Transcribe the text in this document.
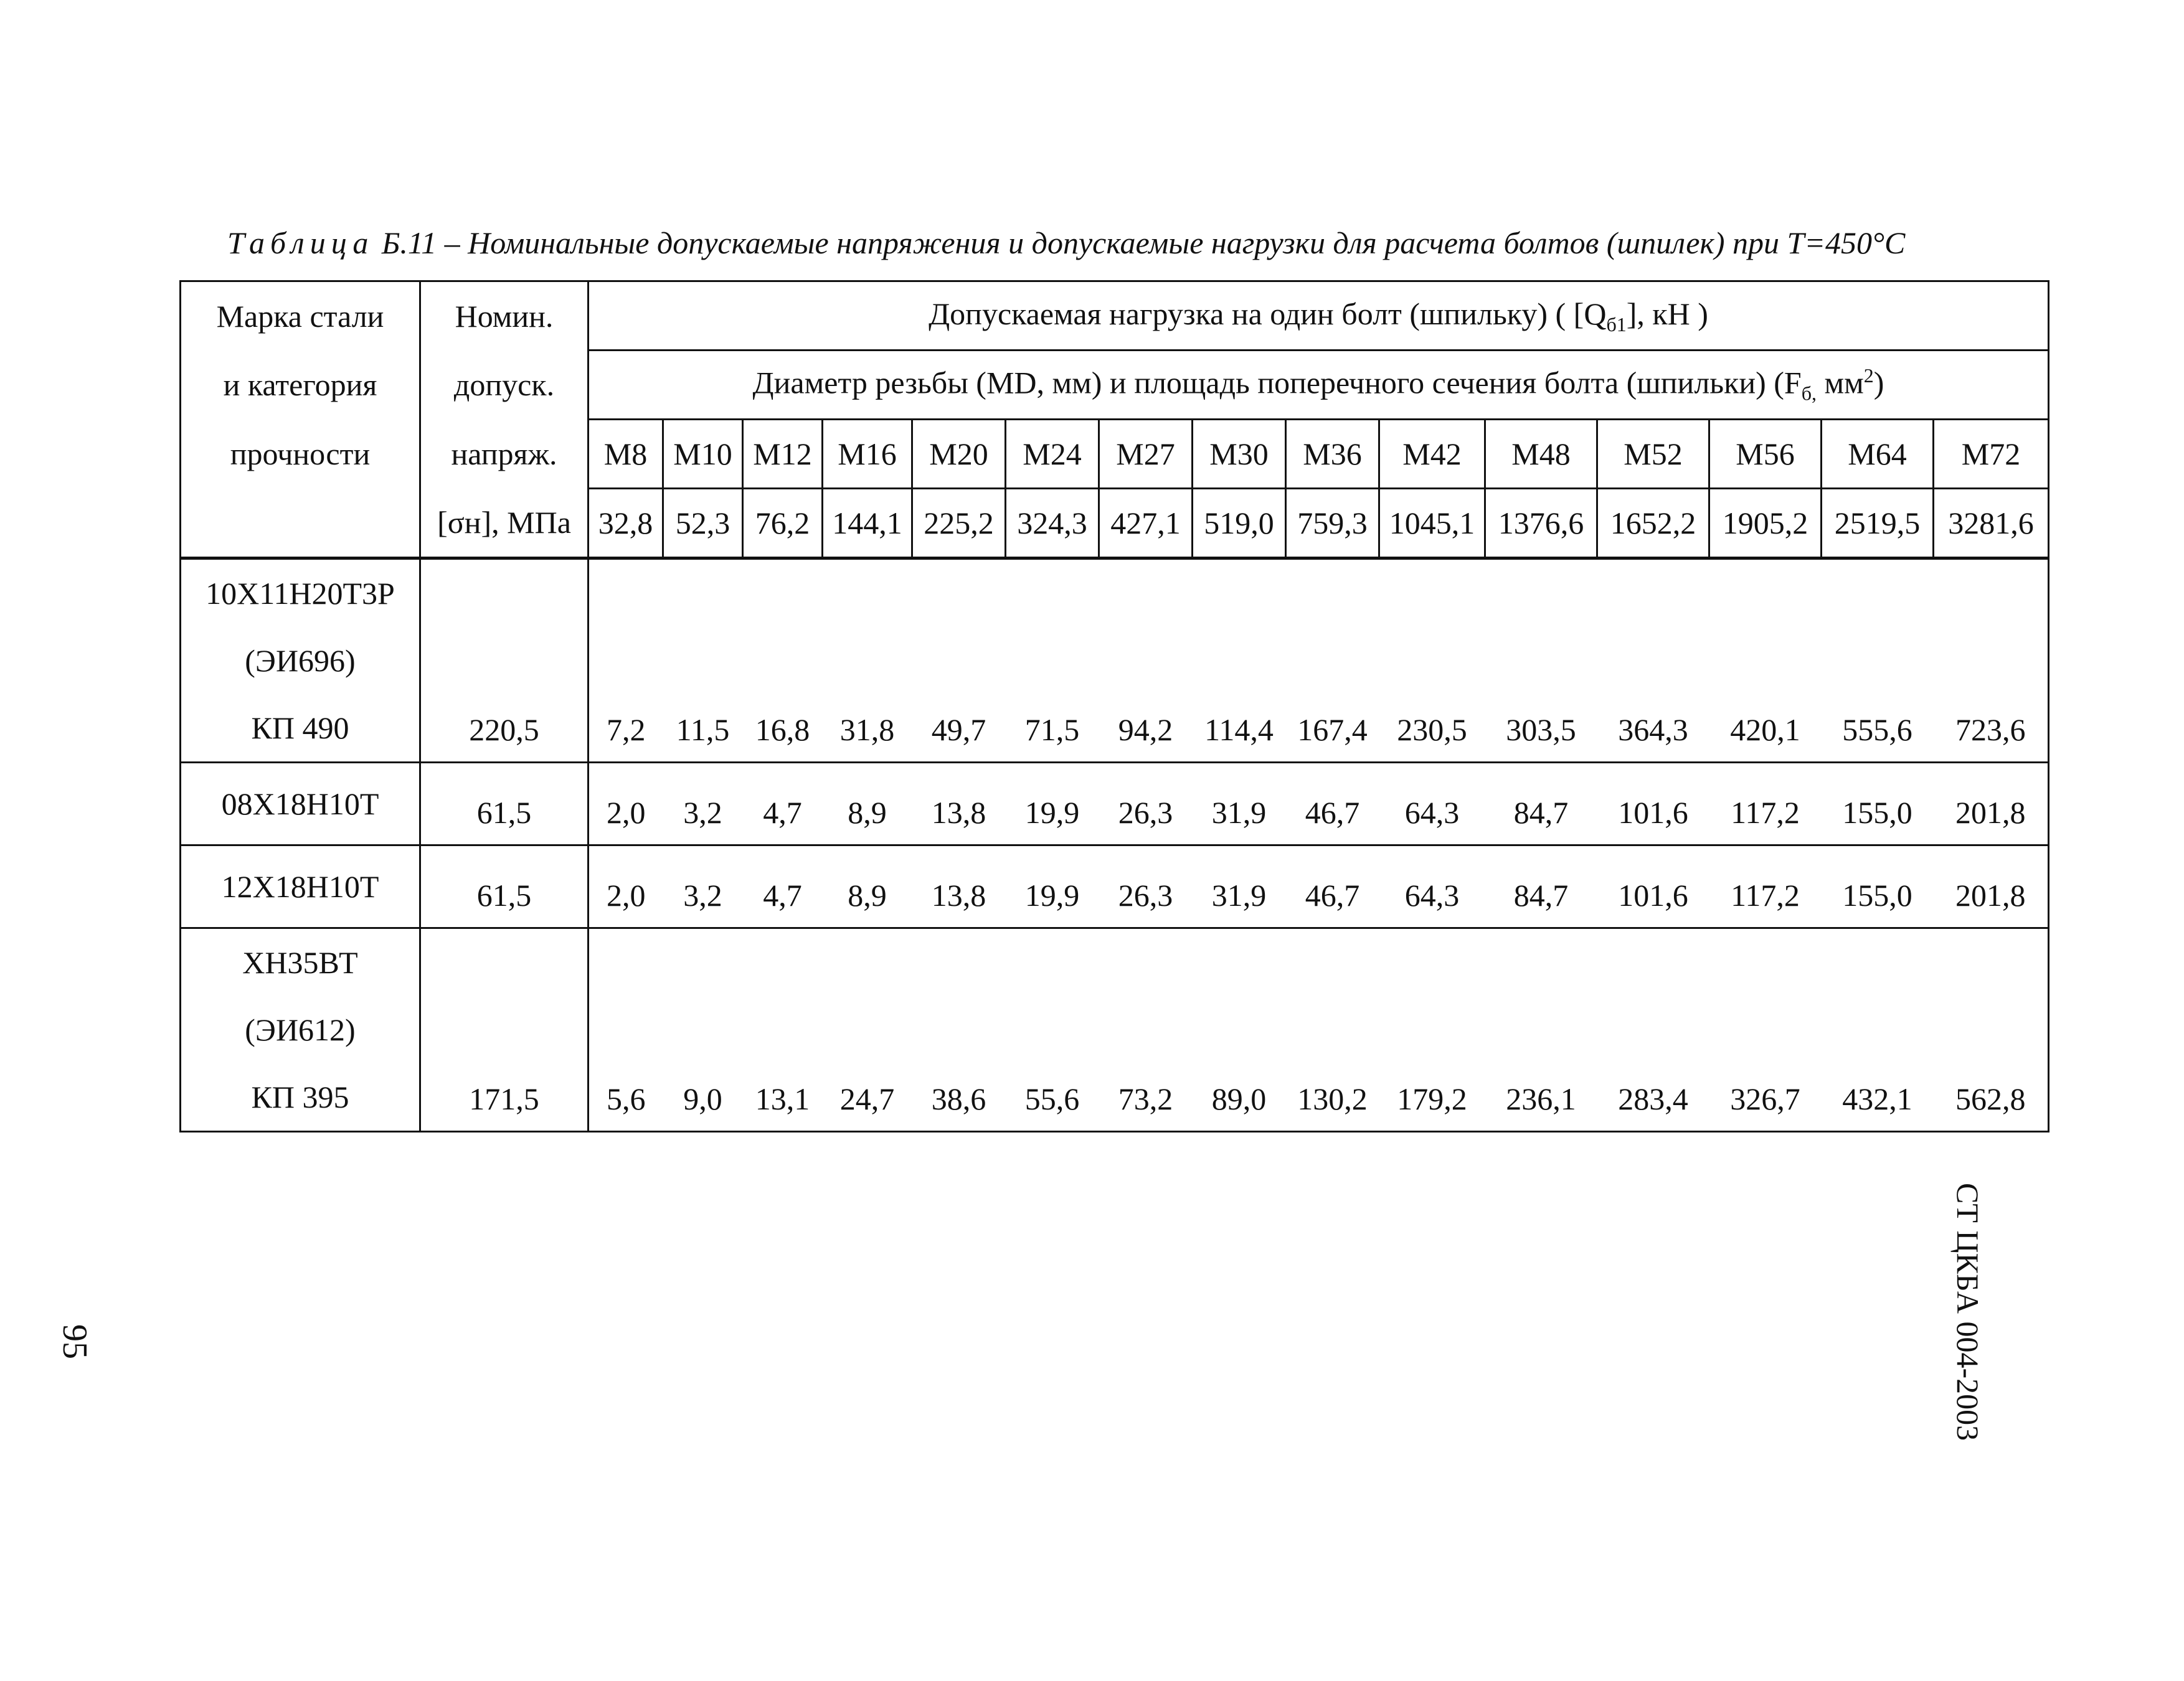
Таблица Б.11 – Номинальные допускаемые напряжения и допускаемые нагрузки для расчета болтов (шпилек) при T=450°C
Марка стали	Номин.	Допускаемая нагрузка на один болт (шпильку) ( $[Q_{б1}]$, кН )														
и категория	допуск.	Диаметр резьбы (MD, мм) и площадь поперечного сечения болта (шпильки) ($F_{б,}$ $мм^2$)														
прочности	напряж.	M8	M10	M12	M16	M20	M24	M27	M30	M36	M42	M48	M52	M56	M64	M72
	[σн], МПа	32,8	52,3	76,2	144,1	225,2	324,3	427,1	519,0	759,3	1045,1	1376,6	1652,2	1905,2	2519,5	3281,6

10Х11Н20Т3Р
(ЭИ696)
КП 490	220,5	7,2	11,5	16,8	31,8	49,7	71,5	94,2	114,4	167,4	230,5	303,5	364,3	420,1	555,6	723,6

08Х18Н10Т	61,5	2,0	3,2	4,7	8,9	13,8	19,9	26,3	31,9	46,7	64,3	84,7	101,6	117,2	155,0	201,8

12Х18Н10Т	61,5	2,0	3,2	4,7	8,9	13,8	19,9	26,3	31,9	46,7	64,3	84,7	101,6	117,2	155,0	201,8

ХН35ВТ
(ЭИ612)
КП 395	171,5	5,6	9,0	13,1	24,7	38,6	55,6	73,2	89,0	130,2	179,2	236,1	283,4	326,7	432,1	562,8
СТ ЦКБА 004-2003
95
